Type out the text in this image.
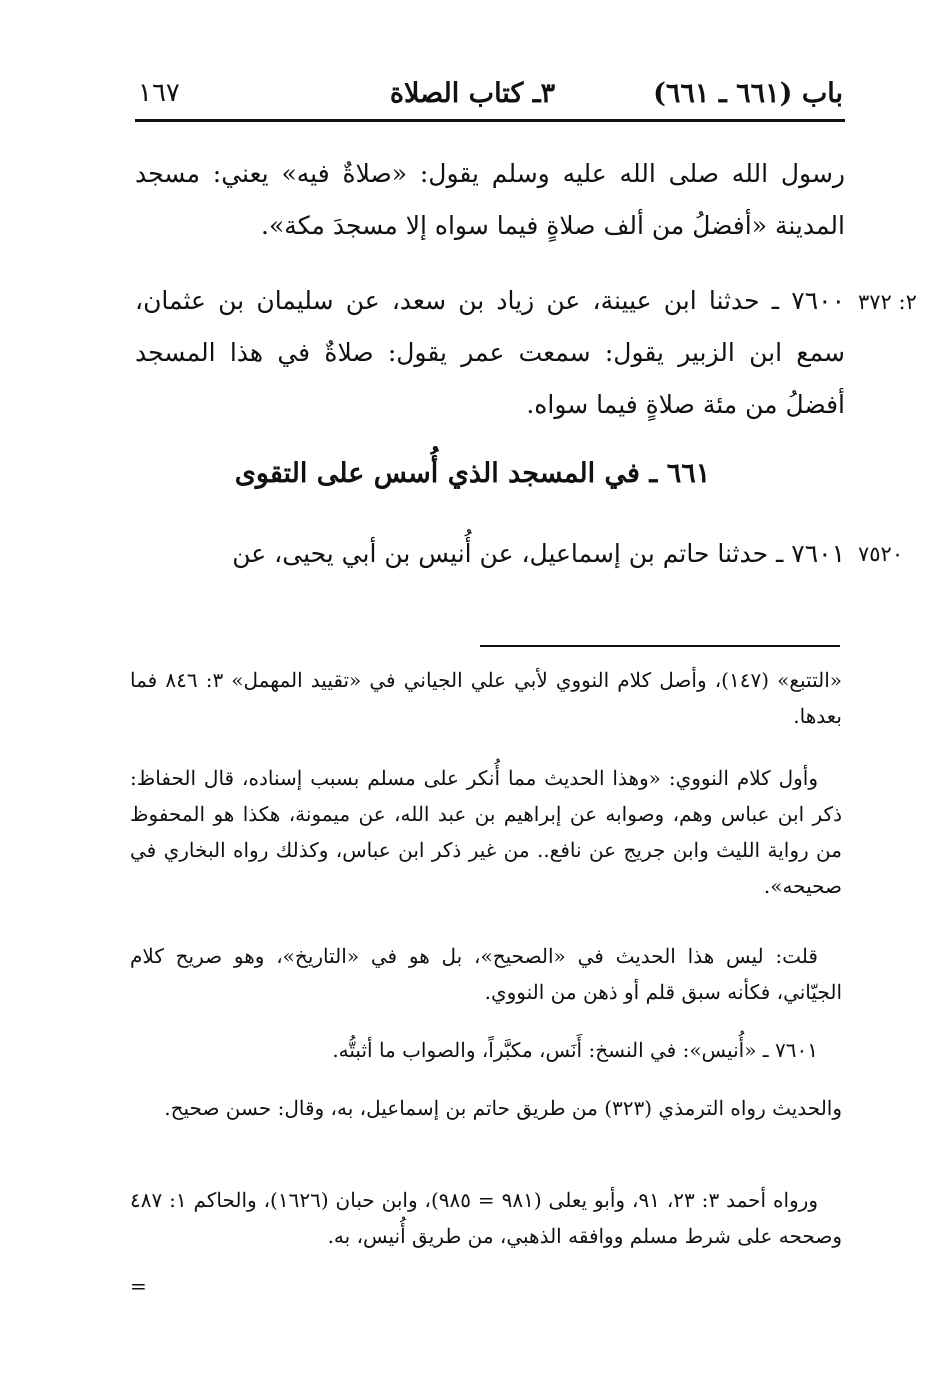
١٦٧	٣ـ كتاب الصلاة	باب (٦٦١ ـ ٦٦١)
رسول الله صلى الله عليه وسلم يقول: «صلاةٌ فيه» يعني: مسجد المدينة «أفضلُ من ألف صلاةٍ فيما سواه إلا مسجدَ مكة».
٢: ٣٧٢
٧٦٠٠ ـ حدثنا ابن عيينة، عن زياد بن سعد، عن سليمان بن عثمان، سمع ابن الزبير يقول: سمعت عمر يقول: صلاةٌ في هذا المسجد أفضلُ من مئة صلاةٍ فيما سواه.
٦٦١ ـ في المسجد الذي أُسس على التقوى
٧٥٢٠
٧٦٠١ ـ حدثنا حاتم بن إسماعيل، عن أُنيس بن أبي يحيى، عن
«التتبع» (١٤٧)، وأصل كلام النووي لأبي علي الجياني في «تقييد المهمل» ٣: ٨٤٦ فما بعدها.
وأول كلام النووي: «وهذا الحديث مما أُنكر على مسلم بسبب إسناده، قال الحفاظ: ذكر ابن عباس وهم، وصوابه عن إبراهيم بن عبد الله، عن ميمونة، هكذا هو المحفوظ من رواية الليث وابن جريج عن نافع.. من غير ذكر ابن عباس، وكذلك رواه البخاري في صحيحه».
قلت: ليس هذا الحديث في «الصحيح»، بل هو في «التاريخ»، وهو صريح كلام الجيّاني، فكأنه سبق قلم أو ذهن من النووي.
٧٦٠١ ـ «أُنيس»: في النسخ: أَنَس، مكبَّراً، والصواب ما أثبتُّه.
والحديث رواه الترمذي (٣٢٣) من طريق حاتم بن إسماعيل، به، وقال: حسن صحيح.
ورواه أحمد ٣: ٢٣، ٩١، وأبو يعلى (٩٨١ = ٩٨٥)، وابن حبان (١٦٢٦)، والحاكم ١: ٤٨٧ وصححه على شرط مسلم ووافقه الذهبي، من طريق أُنيس، به.
=
